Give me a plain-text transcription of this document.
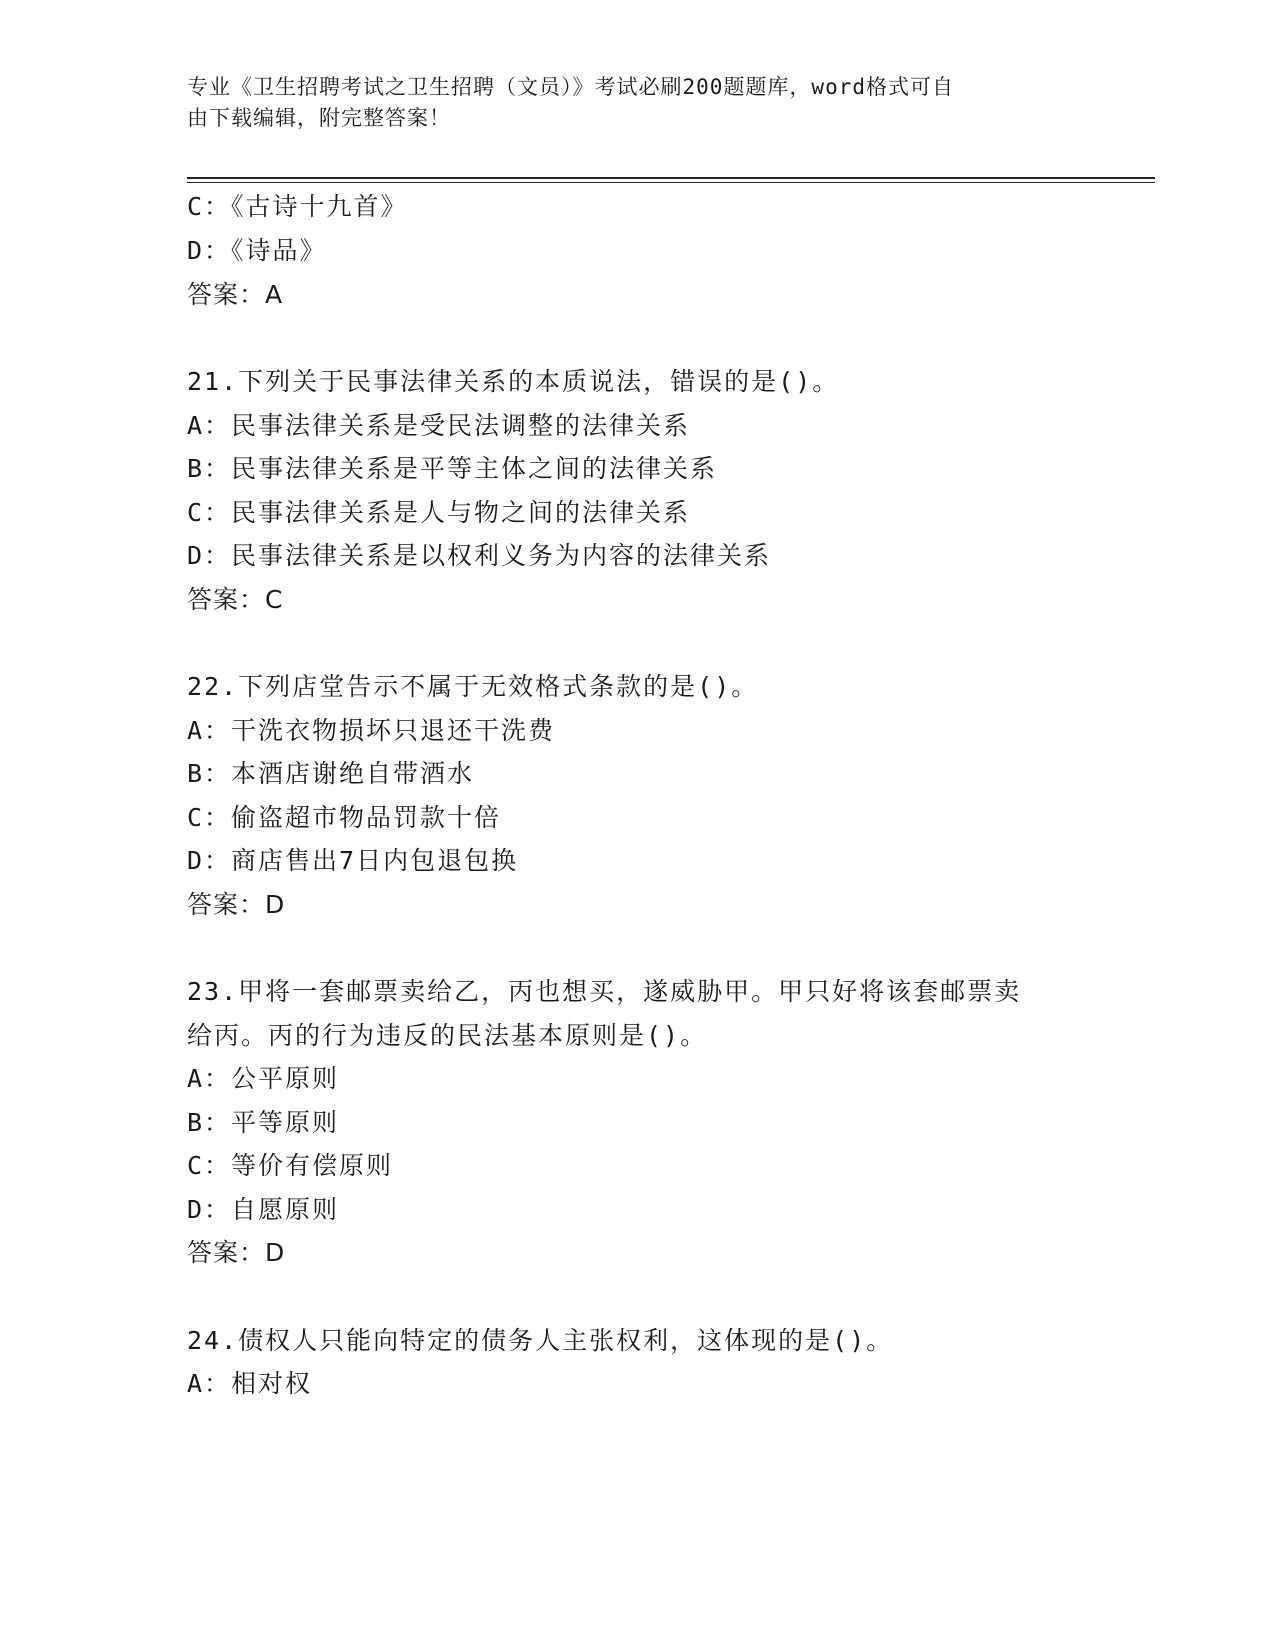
专业《卫生招聘考试之卫生招聘（文员）》考试必刷200题题库，word格式可自
由下载编辑，附完整答案！
C：《古诗十九首》
D：《诗品》
答案：A
21.下列关于民事法律关系的本质说法，错误的是()。
A：民事法律关系是受民法调整的法律关系
B：民事法律关系是平等主体之间的法律关系
C：民事法律关系是人与物之间的法律关系
D：民事法律关系是以权利义务为内容的法律关系
答案：C
22.下列店堂告示不属于无效格式条款的是()。
A：干洗衣物损坏只退还干洗费
B：本酒店谢绝自带酒水
C：偷盗超市物品罚款十倍
D：商店售出7日内包退包换
答案：D
23.甲将一套邮票卖给乙，丙也想买，遂威胁甲。甲只好将该套邮票卖
给丙。丙的行为违反的民法基本原则是()。
A：公平原则
B：平等原则
C：等价有偿原则
D：自愿原则
答案：D
24.债权人只能向特定的债务人主张权利，这体现的是()。
A：相对权
